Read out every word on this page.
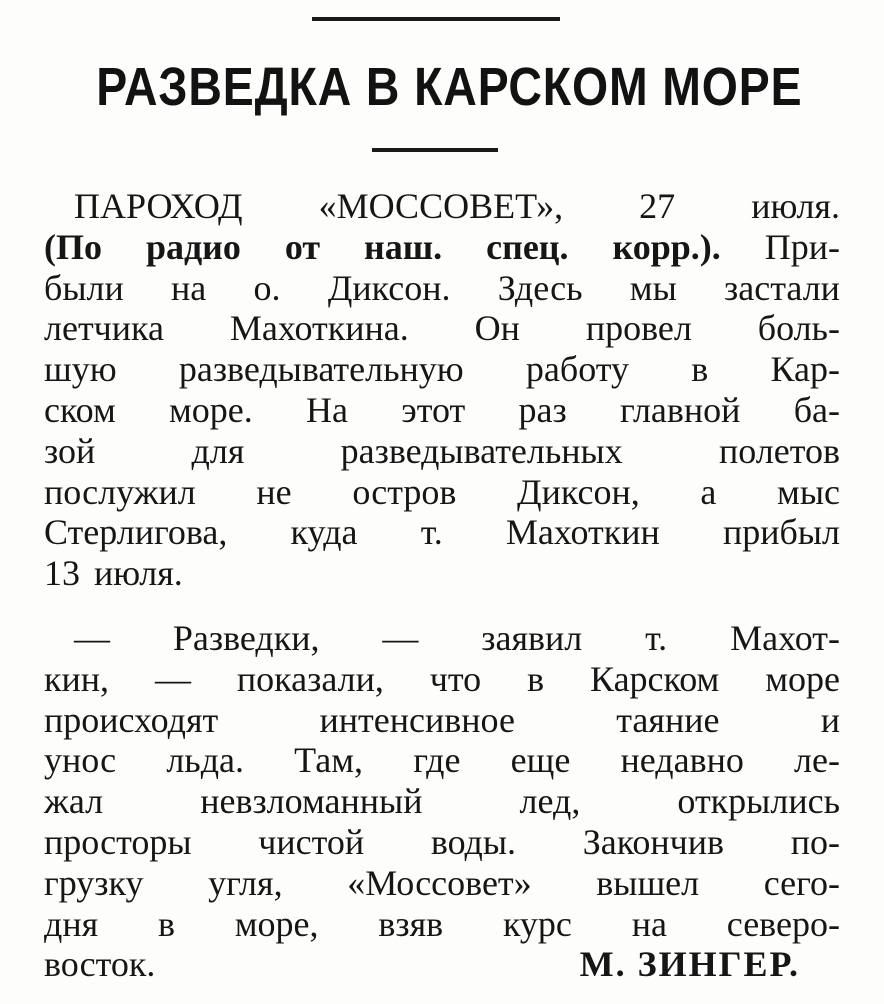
РАЗВЕДКА В КАРСКОМ МОРЕ
ПАРОХОД «МОССОВЕТ», 27 июля.
(По радио от наш. спец. корр.). При-
были на о. Диксон. Здесь мы застали
летчика Махоткина. Он провел боль-
шую разведывательную работу в Кар-
ском море. На этот раз главной ба-
зой	для	разведывательных	полетов
послужил не остров Диксон, а мыс
Стерлигова, куда т. Махоткин прибыл
13 июля.
— Разведки, — заявил т. Махот-
кин, — показали, что в Карском море
происходят	интенсивное	таяние	и
унос льда. Там, где еще недавно ле-
жал	невзломанный	лед,	открылись
просторы чистой воды. Закончив по-
грузку угля, «Моссовет» вышел сего-
дня в море, взяв курс на северо-
восток.	М. ЗИНГЕР.
